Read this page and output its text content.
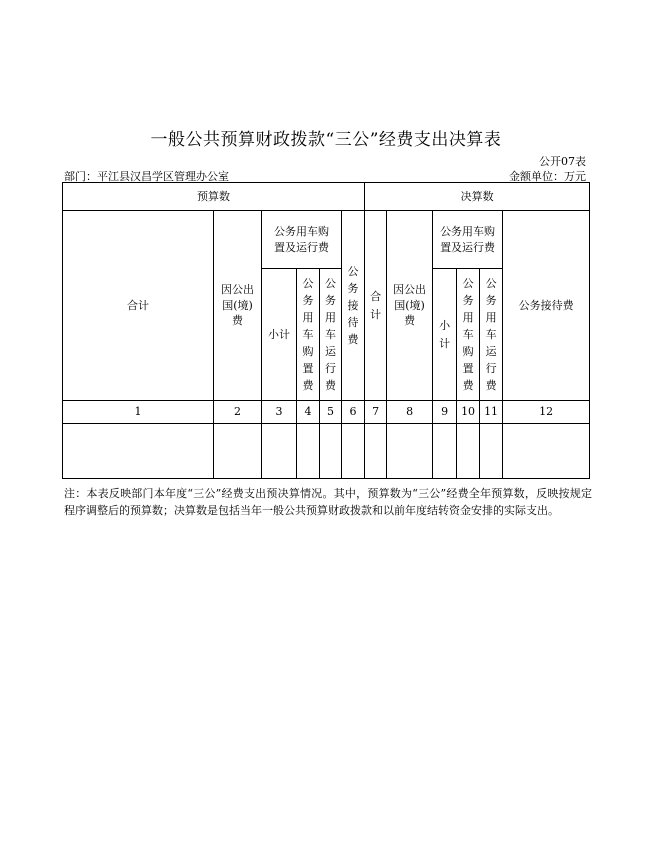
一般公共预算财政拨款“三公”经费支出决算表
公开07表
部门：平江县汉昌学区管理办公室	金额单位：万元
预算数						决算数					
合计	因公出国(境)费	公务用车购置及运行费			公务接待费	合计	因公出国(境)费	公务用车购置及运行费			公务接待费
		小计	公务用车购置费	公务用车运行费				小计	公务用车购置费	公务用车运行费	
1	2	3	4	5	6	7	8	9	10	11	12

注：本表反映部门本年度“三公”经费支出预决算情况。其中，预算数为“三公”经费全年预算数，反映按规定程序调整后的预算数；决算数是包括当年一般公共预算财政拨款和以前年度结转资金安排的实际支出。
